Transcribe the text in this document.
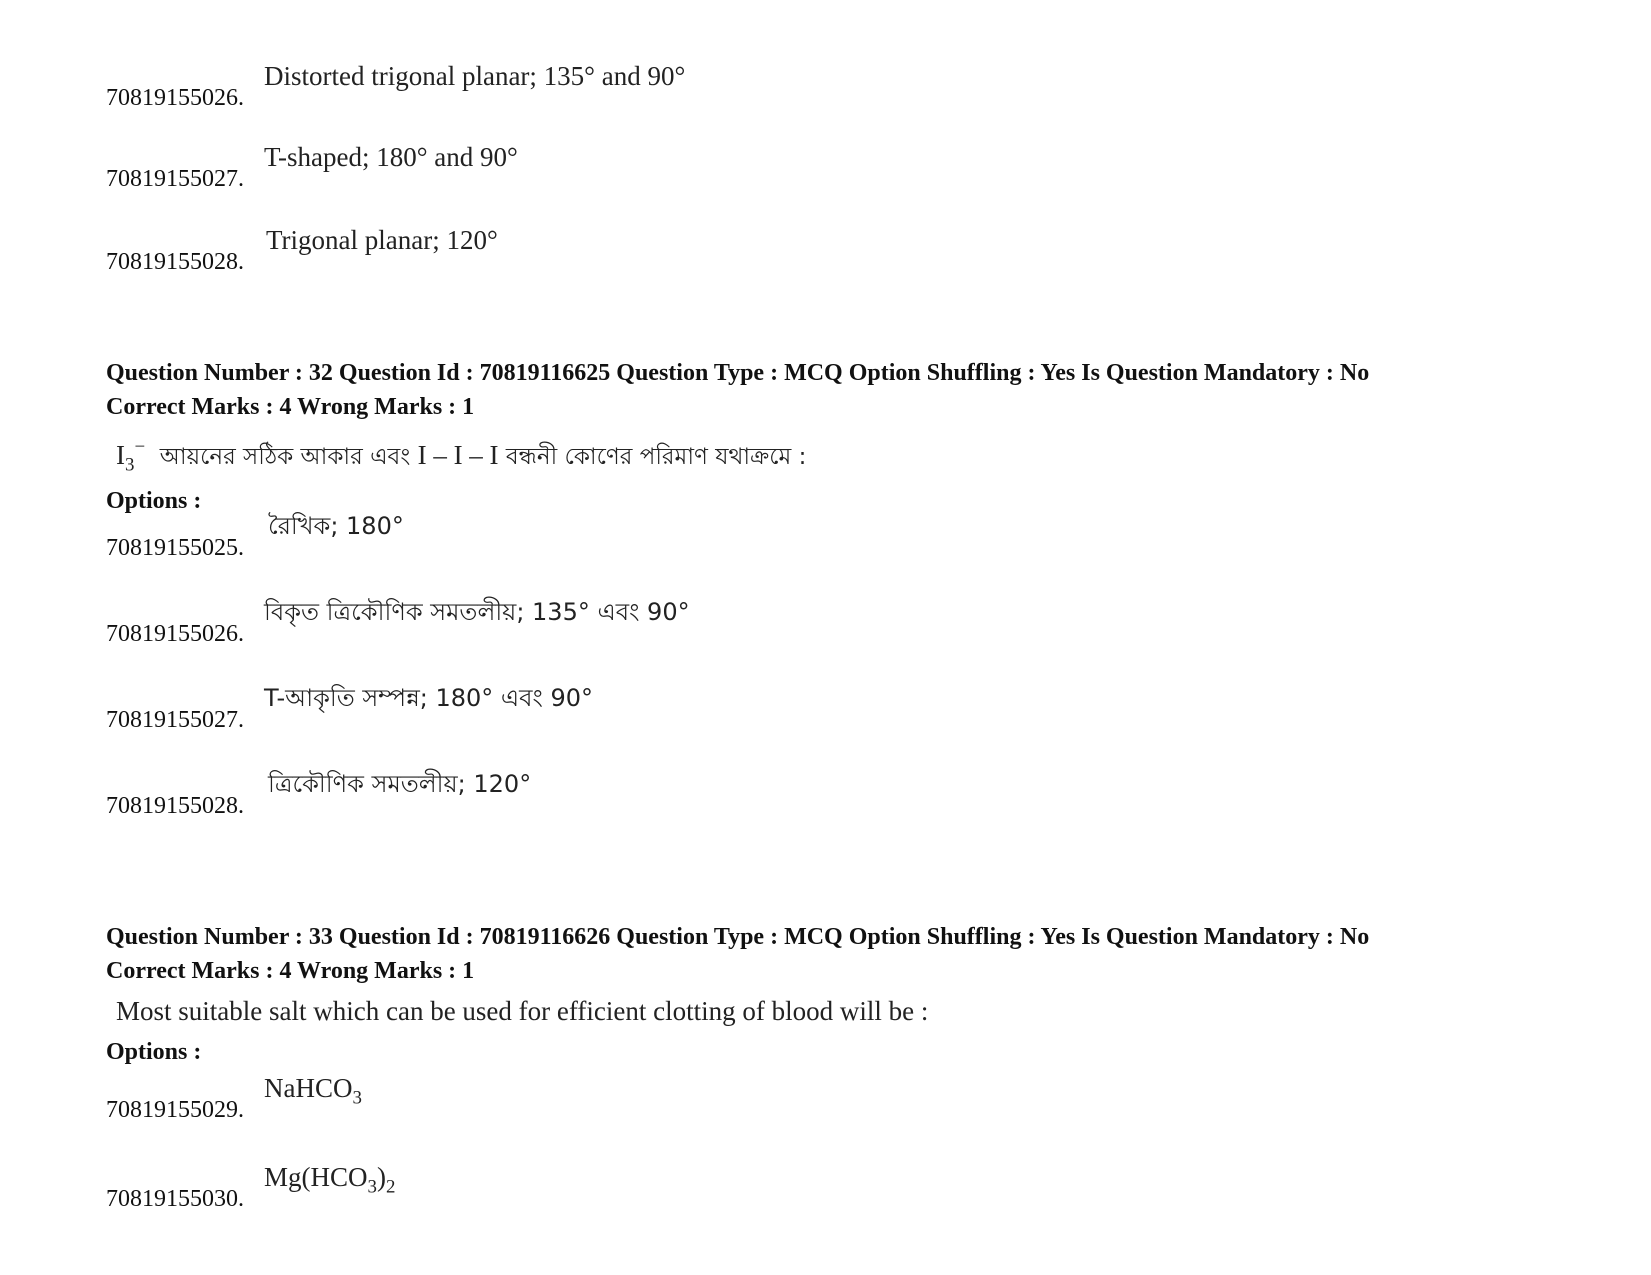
70819155026.
Distorted trigonal planar; 135° and 90°
70819155027.
T-shaped; 180° and 90°
70819155028.
Trigonal planar; 120°
Question Number : 32 Question Id : 70819116625 Question Type : MCQ Option Shuffling : Yes Is Question Mandatory : No
Correct Marks : 4 Wrong Marks : 1
$I_3^-$ আয়নের সঠিক আকার এবং I – I – I বন্ধনী কোণের পরিমাণ যথাক্রমে :
Options :
70819155025.
রৈখিক; 180°
70819155026.
বিকৃত ত্রিকৌণিক সমতলীয়; 135° এবং 90°
70819155027.
T-আকৃতি সম্পন্ন; 180° এবং 90°
70819155028.
ত্রিকৌণিক সমতলীয়; 120°
Question Number : 33 Question Id : 70819116626 Question Type : MCQ Option Shuffling : Yes Is Question Mandatory : No
Correct Marks : 4 Wrong Marks : 1
Most suitable salt which can be used for efficient clotting of blood will be :
Options :
70819155029.
NaHCO$_3$
70819155030.
$Mg(HCO_3)_2$
